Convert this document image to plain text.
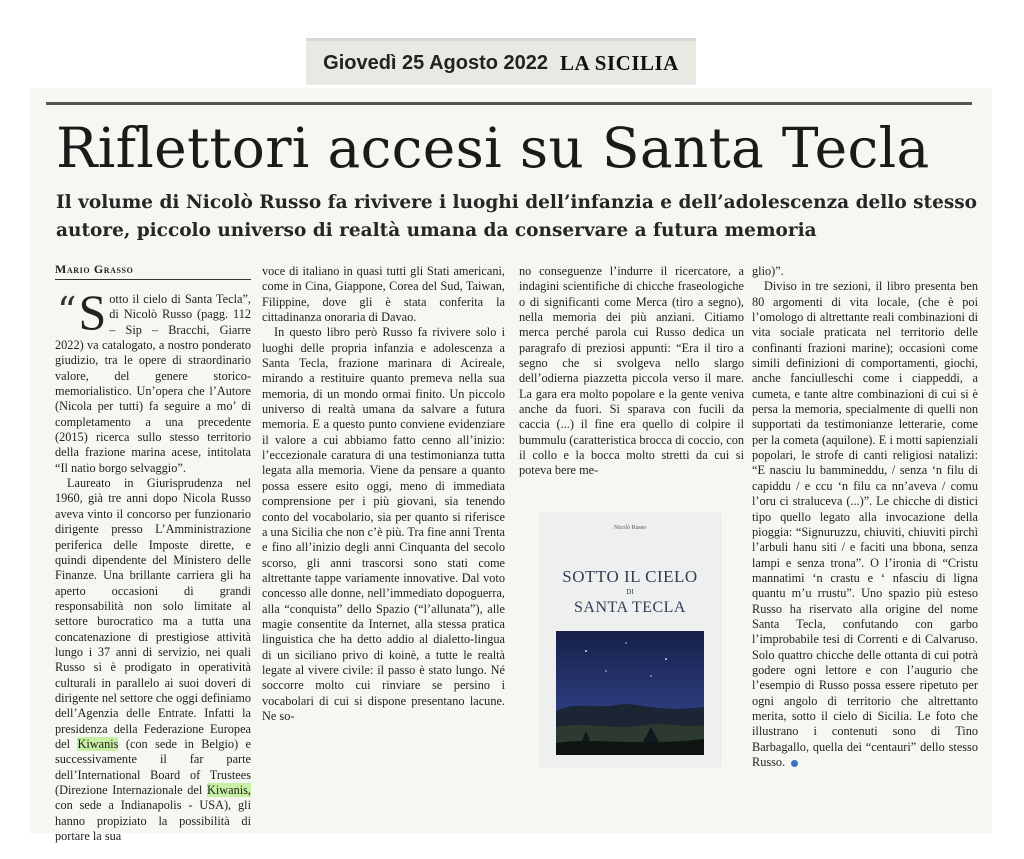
Giovedì 25 Agosto 2022 LA SICILIA
Riflettori accesi su Santa Tecla
Il volume di Nicolò Russo fa rivivere i luoghi dell’infanzia e dell’adolescenza dello stesso autore, piccolo universo di realtà umana da conservare a futura memoria
Mario Grasso

“ S otto il cielo di Santa Tecla”, di Nicolò Russo (pagg. 112 – Sip – Bracchi, Giarre 2022) va catalogato, a nostro ponderato giudizio, tra le opere di straordinario valore, del genere storico-memorialistico. Un’opera che l’Autore (Nicola per tutti) fa seguire a mo’ di completamento a una precedente (2015) ricerca sullo stesso territorio della frazione marina acese, intitolata “Il natio borgo selvaggio”.

Laureato in Giurisprudenza nel 1960, già tre anni dopo Nicola Russo aveva vinto il concorso per funzionario dirigente presso L’Amministrazione periferica delle Imposte dirette, e quindi dipendente del Ministero delle Finanze. Una brillante carriera gli ha aperto occasioni di grandi responsabilità non solo limitate al settore burocratico ma a tutta una concatenazione di prestigiose attività lungo i 37 anni di servizio, nei quali Russo si è prodigato in operatività culturali in parallelo ai suoi doveri di dirigente nel settore che oggi definiamo dell’Agenzia delle Entrate. Infatti la presidenza della Federazione Europea del Kiwanis (con sede in Belgio) e successivamente il far parte dell’International Board of Trustees (Direzione Internazionale del Kiwanis, con sede a Indianapolis - USA), gli hanno propiziato la possibilità di portare la sua

voce di italiano in quasi tutti gli Stati americani, come in Cina, Giappone, Corea del Sud, Taiwan, Filippine, dove gli è stata conferita la cittadinanza onoraria di Davao.

In questo libro però Russo fa rivivere solo i luoghi delle propria infanzia e adolescenza a Santa Tecla, frazione marinara di Acireale, mirando a restituire quanto premeva nella sua memoria, di un mondo ormai finito. Un piccolo universo di realtà umana da salvare a futura memoria. E a questo punto conviene evidenziare il valore a cui abbiamo fatto cenno all’inizio: l’eccezionale caratura di una testimonianza tutta legata alla memoria. Viene da pensare a quanto possa essere esito oggi, meno di immediata comprensione per i più giovani, sia tenendo conto del vocabolario, sia per quanto si riferisce a una Sicilia che non c’è più. Tra fine anni Trenta e fino all’inizio degli anni Cinquanta del secolo scorso, gli anni trascorsi sono stati come altrettante tappe variamente innovative. Dal voto concesso alle donne, nell’immediato dopoguerra, alla “conquista” dello Spazio (“l’allunata”), alle magie consentite da Internet, alla stessa pratica linguistica che ha detto addio al dialetto-lingua di un siciliano privo di koinè, a tutte le realtà legate al vivere civile: il passo è stato lungo. Né soccorre molto cui rinviare se persino i vocabolari di cui si dispone presentano lacune. Ne so-

no conseguenze l’indurre il ricercatore, a indagini scientifiche di chicche fraseologiche o di significanti come Merca (tiro a segno), nella memoria dei più anziani. Citiamo merca perché parola cui Russo dedica un paragrafo di preziosi appunti: “Era il tiro a segno che si svolgeva nello slargo dell’odierna piazzetta piccola verso il mare. La gara era molto popolare e la gente veniva anche da fuori. Si sparava con fucili da caccia (...) il fine era quello di colpire il bummulu (caratteristica brocca di coccio, con il collo e la bocca molto stretti da cui si poteva bere me-

Nicolò Russo
SOTTO IL CIELO
DI
SANTA TECLA

glio)”.

Diviso in tre sezioni, il libro presenta ben 80 argomenti di vita locale, (che è poi l’omologo di altrettante reali combinazioni di vita sociale praticata nel territorio delle confinanti frazioni marine); occasioni come simili definizioni di comportamenti, giochi, anche fanciulleschi come i ciappeddi, a cumeta, e tante altre combinazioni di cui si è persa la memoria, specialmente di quelli non supportati da testimonianze letterarie, come per la cometa (aquilone). E i motti sapienziali popolari, le strofe di canti religiosi natalizi: “E nasciu lu bammineddu, / senza ‘n filu di capiddu / e ccu ‘n filu ca nn’aveva / comu l’oru ci straluceva (...)”. Le chicche di distici tipo quello legato alla invocazione della pioggia: “Signuruzzu, chiuviti, chiuviti pirchì l’arbuli hanu siti / e faciti una bbona, senza lampi e senza trona”. O l’ironia di “Cristu mannatimi ‘n crastu e ‘ nfasciu di ligna quantu m’u rrustu”. Uno spazio più esteso Russo ha riservato alla origine del nome Santa Tecla, confutando con garbo l’improbabile tesi di Correnti e di Calvaruso. Solo quattro chicche delle ottanta di cui potrà godere ogni lettore e con l’augurio che l’esempio di Russo possa essere ripetuto per ogni angolo di territorio che altrettanto merita, sotto il cielo di Sicilia. Le foto che illustrano i contenuti sono di Tino Barbagallo, quella dei “centauri” dello stesso Russo.
